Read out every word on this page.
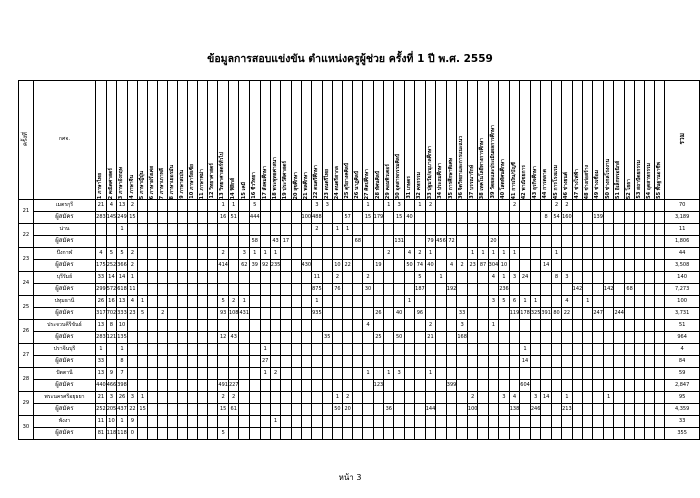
ข้อมูลการสอบแข่งขัน ตำแหน่งครูผู้ช่วย ครั้งที่ 1 ปี พ.ศ. 2559
ครั้งที่	กศจ.	1 ภาษาไทย	2 คณิตศาสตร์	3 ภาษาอังกฤษ	4 ภาษาจีน	5 ภาษาญี่ปุ่น	6 ภาษาฝรั่งเศส	7 ภาษาเกาหลี	8 ภาษาเยอรมัน	9 ภาษาสเปน	10 ภาษารัสเซีย	11 ภาษาพม่า	12 วิทยาศาสตร์	13 วิทยาศาสตร์ทั่วไป	14 ฟิสิกส์	15 เคมี	16 ชีววิทยา	17 สังคมศึกษา	18 พระพุทธศาสนา	19 ประวัติศาสตร์	20 สุขศึกษา	21 พลศึกษา	22 ดนตรีศึกษา	23 ดนตรีไทย	24 ดนตรีสากล	25 ดุริยางคศิลป์	26 นาฏศิลป์	27 ศิลปศึกษา	28 ทัศนศิลป์	29 คอมพิวเตอร์	30 อุตสาหกรรมศิลป์	31 เกษตร	32 คหกรรม	33 ปฐมวัย/อนุบาลศึกษา	34 ประถมศึกษา	35 การศึกษาพิเศษ	36 จิตวิทยาและการแนะแนว	37 บรรณารักษ์	38 เทคโนโลยีทางการศึกษา	39 วัดผลและประเมินผลการศึกษา	40 โสตทัศนศึกษา	41 การเงิน/บัญชี	42 พาณิชยการ	43 ธุรกิจศึกษา	44 การตลาด	45 การโรงแรม	46 ช่างยนต์	47 ช่างไฟฟ้า	48 ช่างก่อสร้าง	49 ช่างเชื่อม	50 ช่างกลโรงงาน	51 อิเล็กทรอนิกส์	52 โยธา	53 สถาปัตยกรรม	54 อุตสาหกรรม	55 พื้นฐานอาชีพ	รวม
21	เมตรกุรี	21	4	13	2									1	1		5						3	3				1		1	3		1	2								2				2	2										70
	ผู้สมัคร	283	145	249	15									16	51		444					100	488			57		15	179		15	40													8	54	160			139							3,189
22	น่าน			1																			2		1	1																															11
	ผู้สมัคร																58		43	17							68				131			79	456	72				20																	1,806
23	บึงกาฬ	4	5	5	2									2		3	1	1	1											2		4	2	1				1	1	1	1	1				1											44
	ผู้สมัคร	175	252	366	2									414		62	39	92	235			430			10	22			19			50	74	40		4	2	23	87	304	10				14												3,508
24	บุรีรัมย์	33	14	14	1																		11		2			2					5		1					4	1	3	24			8	3										140
	ผู้สมัคร	299	572	618	11																		875		76			30					187			192					236							142			142		68				7,273
25	ปทุมธานี	26	16	13	4	1								5	2	1							1									1								3	5	6	1	1			4		1								100
	ผู้สมัคร	317	702	333	23	5		2						93	108	431							935						26		40		96				33					119	178	325	391	80	22			247		244					3,731
26	ประจวบคีรีขันธ์	13	8	10																								4						2			3			1																	51
	ผู้สมัคร	283	121	135										12	43									35					25		50			21			168																				964
27	ปราจีนบุรี	1		1														1																									1														4
	ผู้สมัคร	33		8														27																									14														84
28	ปัตตานี	13	9	7														1	2									1		1	3			1																							59
	ผู้สมัคร	440	466	398										491	227														123							399							604														2,847
29	พระนครศรีอยุธยา	21	3	26	3	1								2	2										1	2												2			3	4		3	14		1				1						95
	ผู้สมัคร	252	205	437	22	15								15	61										50	20				36				144				100				138		246			213										4,359
30	พังงา	11	10	1	9														1																																						33
	ผู้สมัคร	81	118	118	0									5																																											355
หน้า 3
